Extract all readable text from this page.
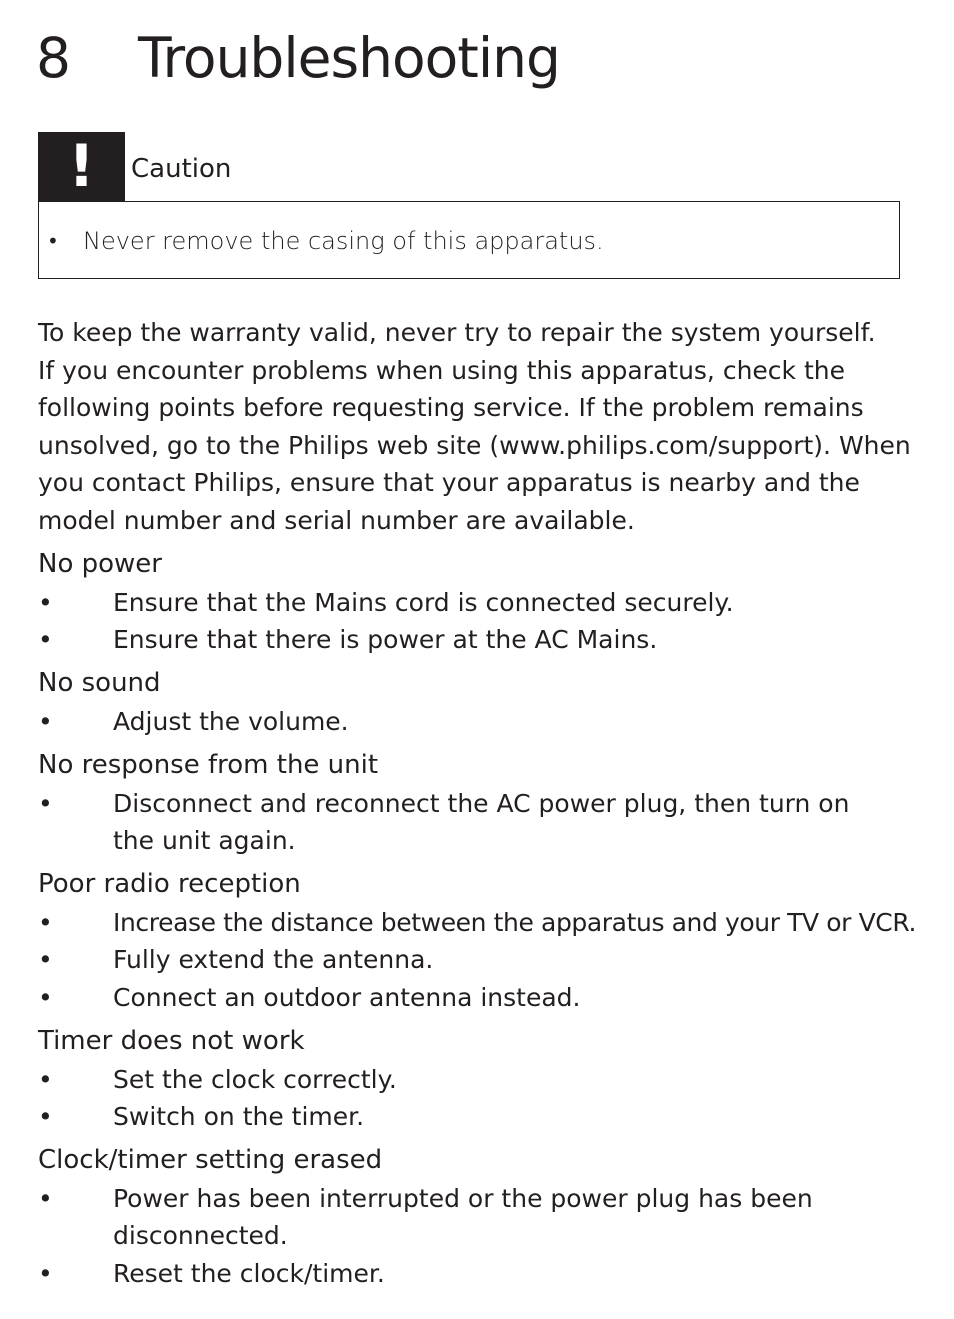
8 Troubleshooting
!	Caution
• Never remove the casing of this apparatus.

To keep the warranty valid, never try to repair the system yourself.

If you encounter problems when using this apparatus, check the

following points before requesting service. If the problem remains

unsolved, go to the Philips web site (www.philips.com/support). When

you contact Philips, ensure that your apparatus is nearby and the

model number and serial number are available.

No power
• Ensure that the Mains cord is connected securely.
• Ensure that there is power at the AC Mains.
No sound
• Adjust the volume.
No response from the unit
• Disconnect and reconnect the AC power plug, then turn on the unit again.
Poor radio reception
• Increase the distance between the apparatus and your TV or VCR.
• Fully extend the antenna.
• Connect an outdoor antenna instead.
Timer does not work
• Set the clock correctly.
• Switch on the timer.
Clock/timer setting erased
• Power has been interrupted or the power plug has been disconnected.
• Reset the clock/timer.
